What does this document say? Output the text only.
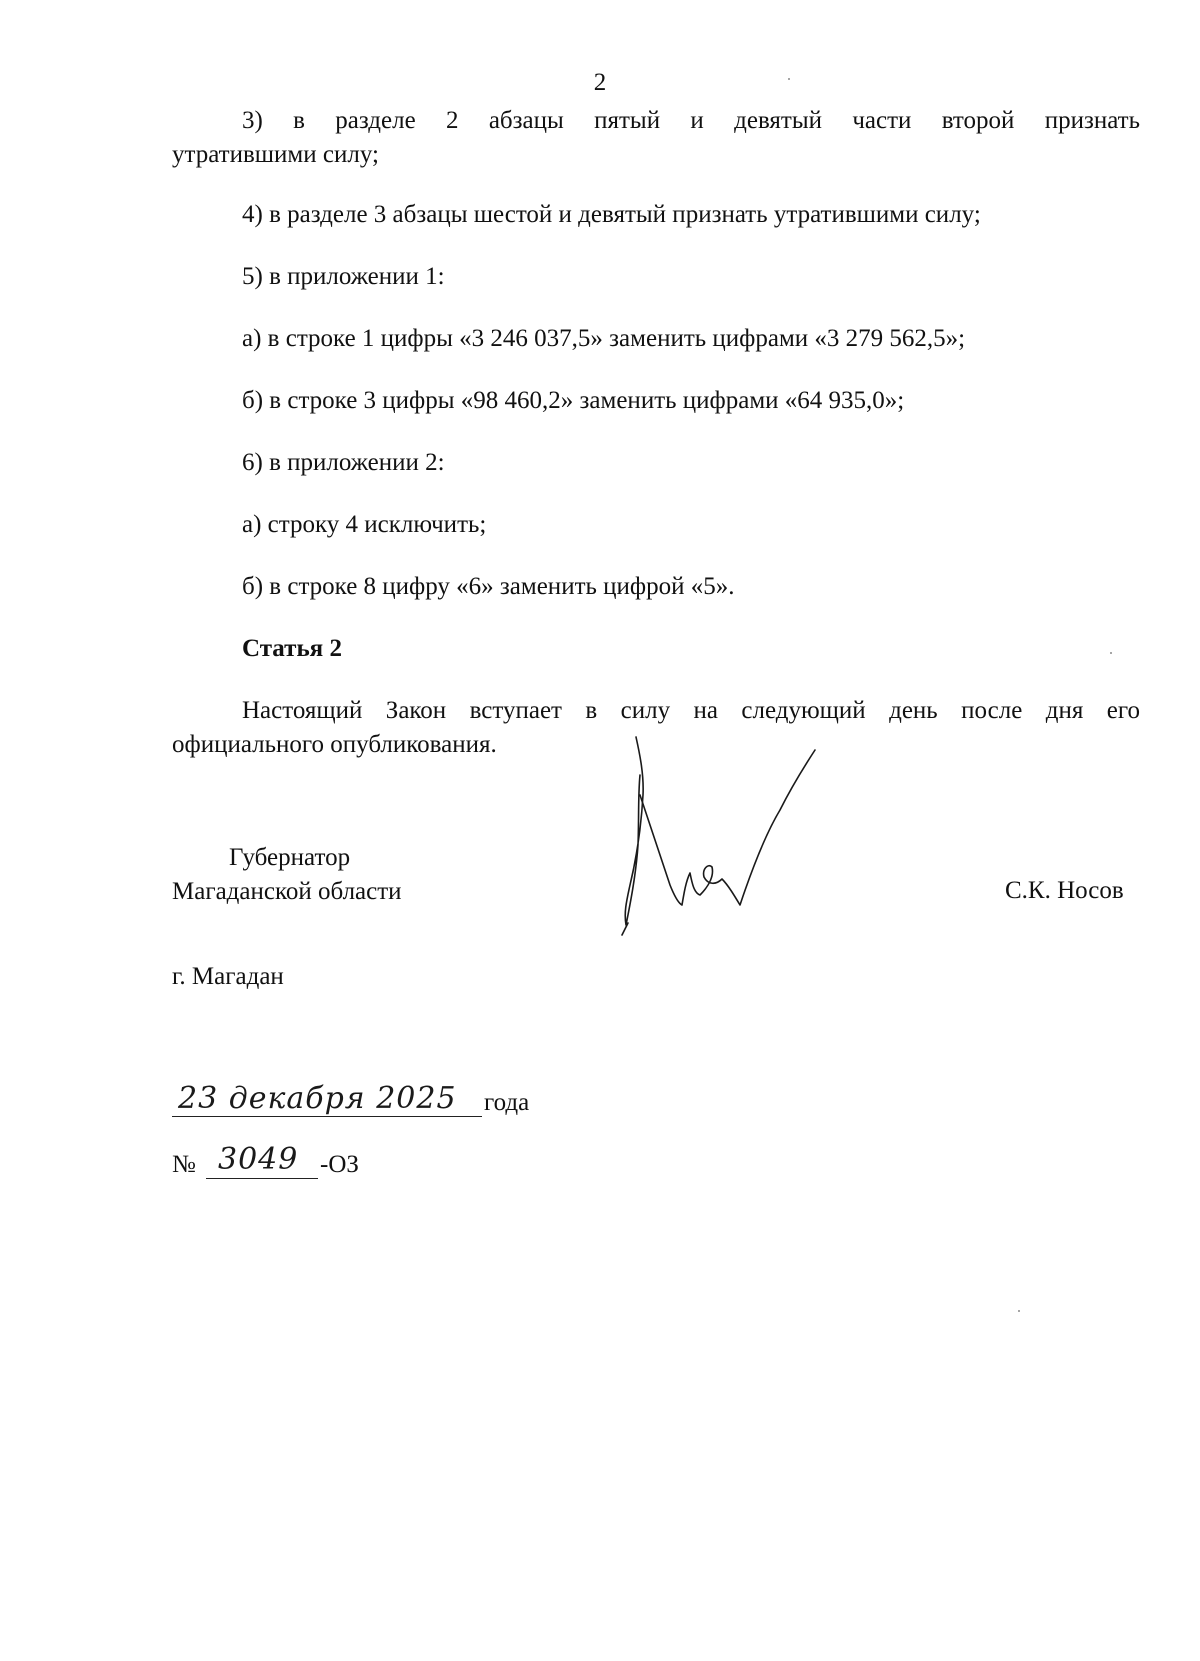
2
3) в разделе 2 абзацы пятый и девятый части второй признать
утратившими силу;
4) в разделе 3 абзацы шестой и девятый признать утратившими силу;
5) в приложении 1:
а) в строке 1 цифры «3 246 037,5» заменить цифрами «3 279 562,5»;
б) в строке 3 цифры «98 460,2» заменить цифрами «64 935,0»;
6) в приложении 2:
а) строку 4 исключить;
б) в строке 8 цифру «6» заменить цифрой «5».
Статья 2
Настоящий Закон вступает в силу на следующий день после дня его
официального опубликования.
Губернатор
Магаданской области	С.К. Носов
г. Магадан
23 декабря 2025 года
№ 3049 -ОЗ
